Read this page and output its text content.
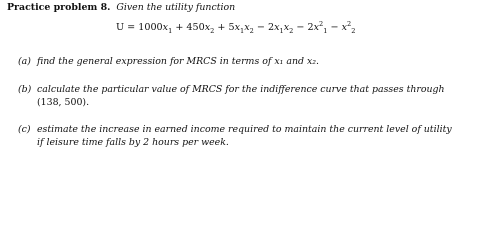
Practice problem 8. Given the utility function
$U = 1000x_1 + 450x_2 + 5x_1x_2 - 2x_1x_2 - 2x^2_1 - x^2_2$
(a) find the general expression for MRCS in terms of x₁ and x₂.
(b) calculate the particular value of MRCS for the indifference curve that passes through
(138, 500).
(c) estimate the increase in earned income required to maintain the current level of utility
if leisure time falls by 2 hours per week.
